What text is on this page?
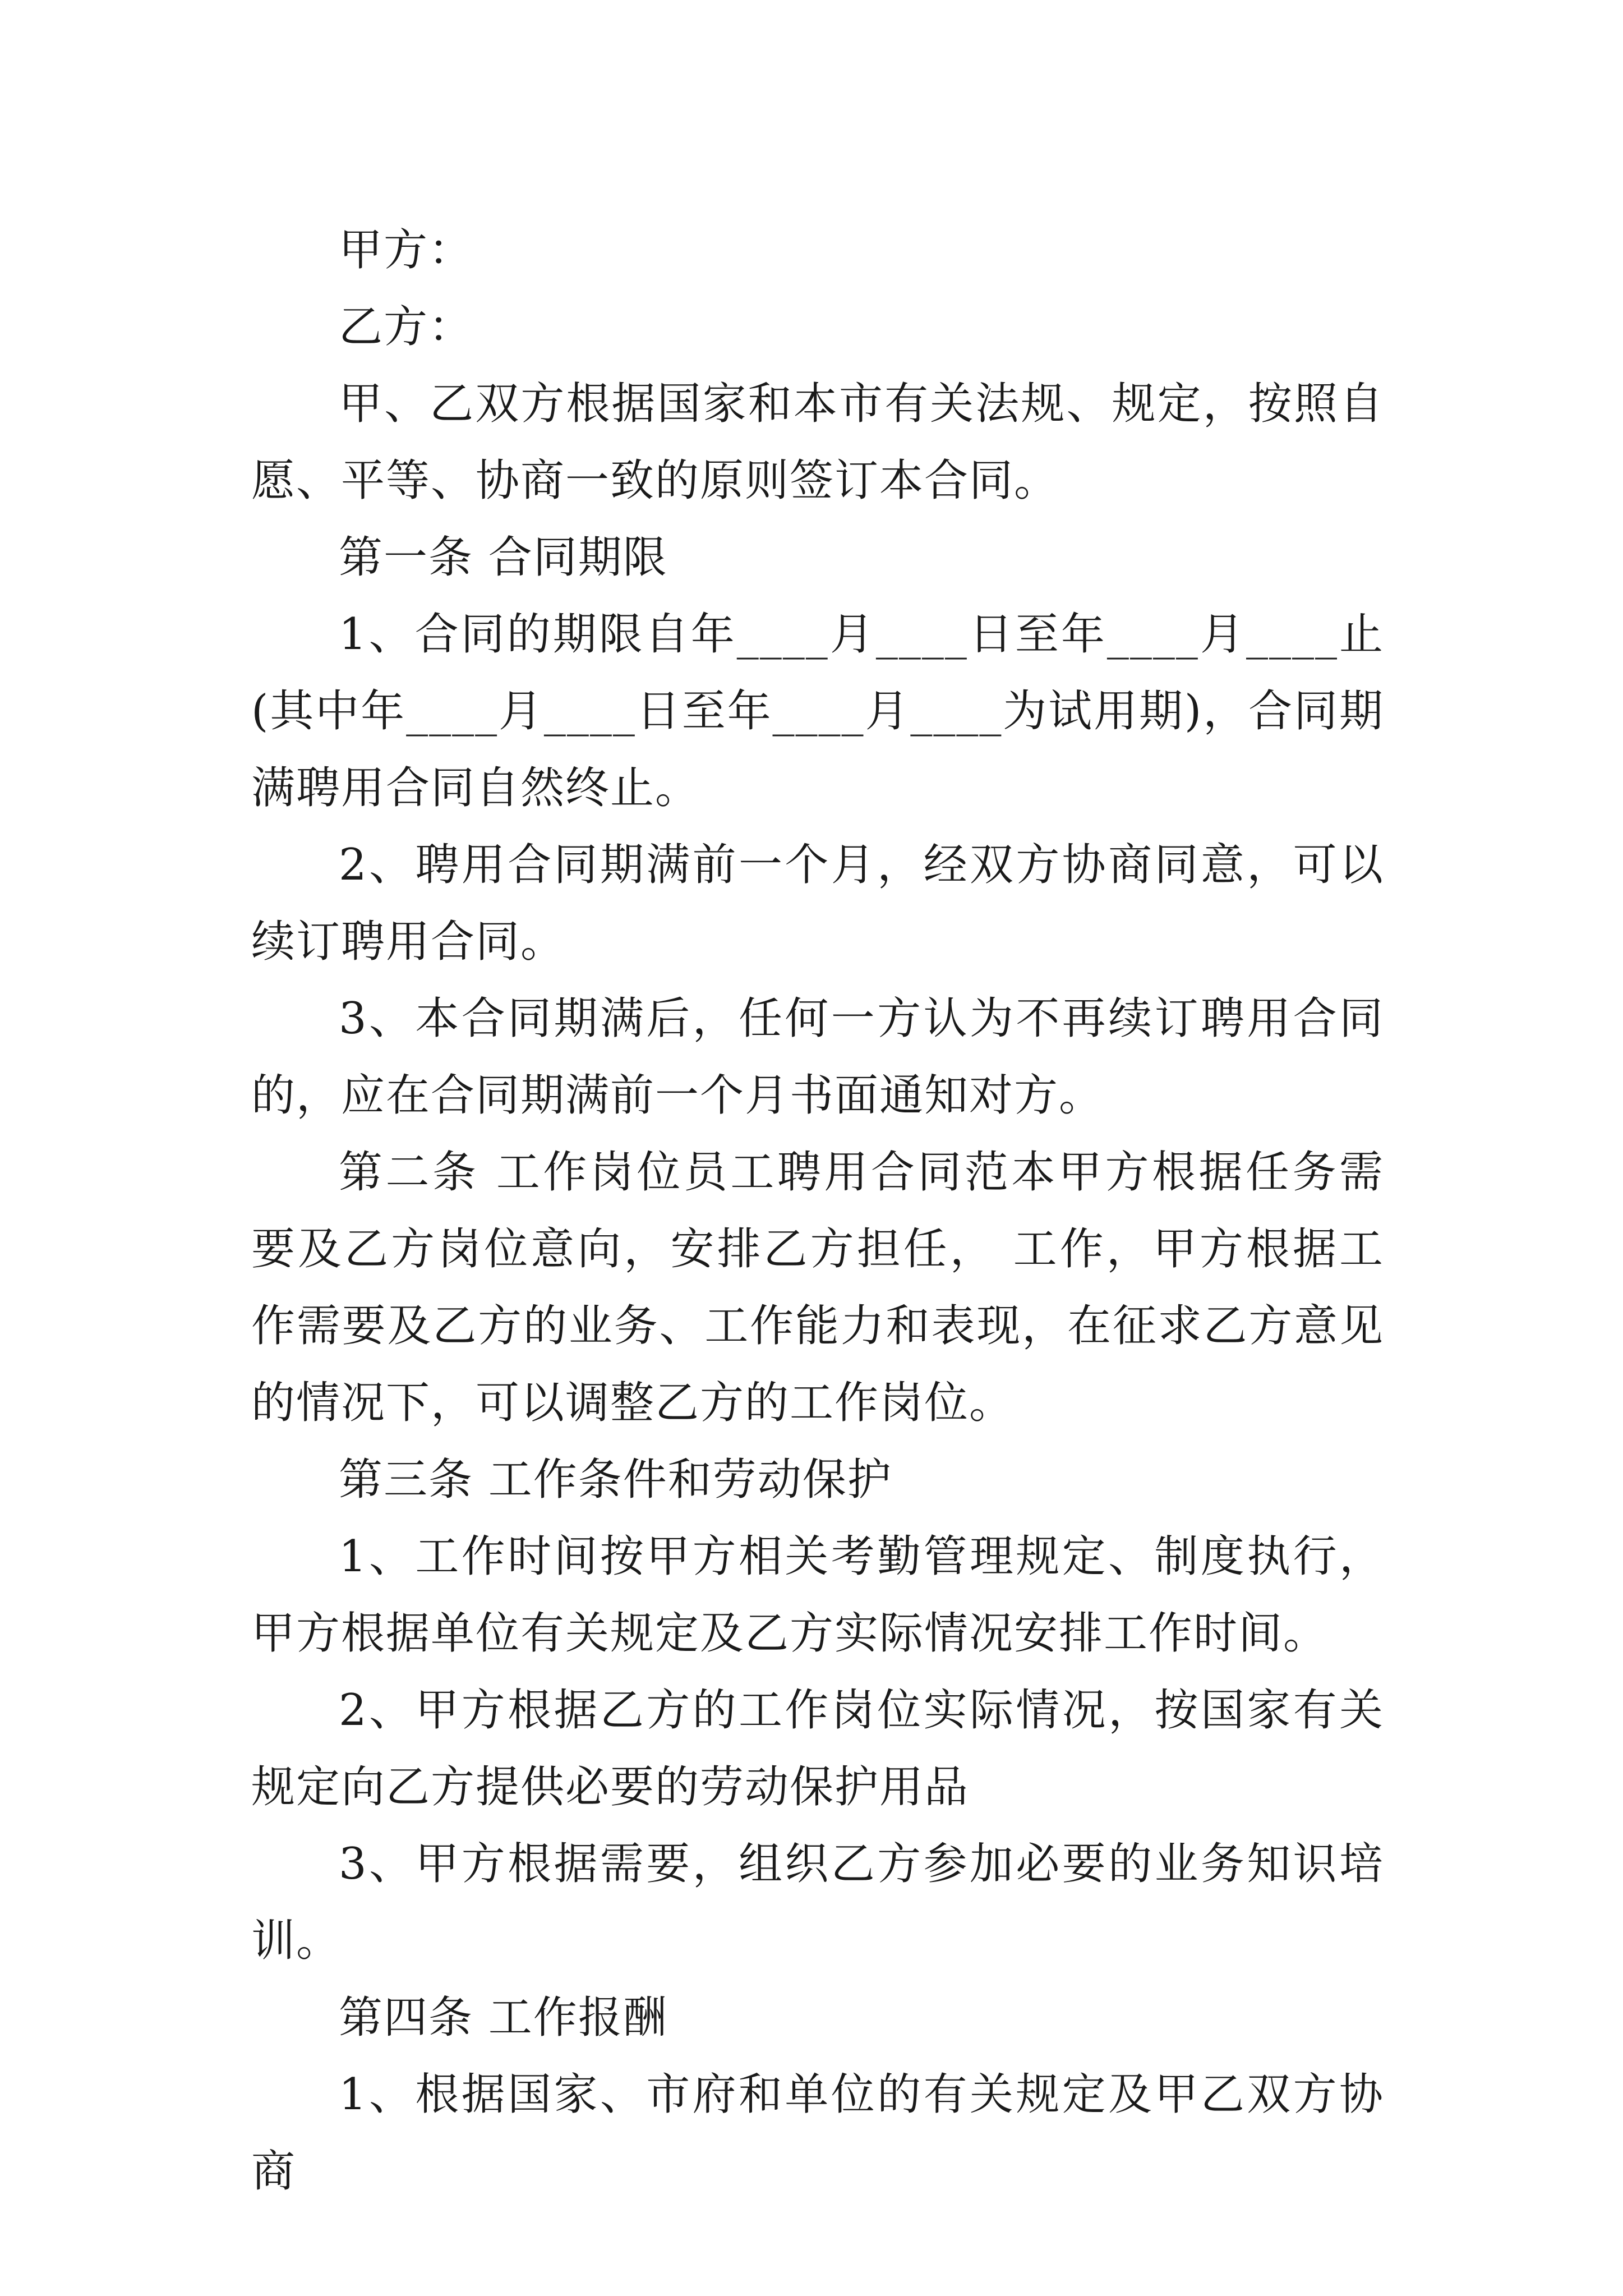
甲方：

乙方：

甲、乙双方根据国家和本市有关法规、规定，按照自愿、平等、协商一致的原则签订本合同。

第一条 合同期限

1、合同的期限自年____月____日至年____月____止(其中年____月____日至年____月____为试用期)，合同期满聘用合同自然终止。

2、聘用合同期满前一个月，经双方协商同意，可以续订聘用合同。

3、本合同期满后，任何一方认为不再续订聘用合同的，应在合同期满前一个月书面通知对方。

第二条 工作岗位员工聘用合同范本甲方根据任务需要及乙方岗位意向，安排乙方担任， 工作，甲方根据工作需要及乙方的业务、工作能力和表现，在征求乙方意见的情况下，可以调整乙方的工作岗位。

第三条 工作条件和劳动保护

1、工作时间按甲方相关考勤管理规定、制度执行，甲方根据单位有关规定及乙方实际情况安排工作时间。

2、甲方根据乙方的工作岗位实际情况，按国家有关规定向乙方提供必要的劳动保护用品

3、甲方根据需要，组织乙方参加必要的业务知识培训。

第四条 工作报酬

1、根据国家、市府和单位的有关规定及甲乙双方协商
